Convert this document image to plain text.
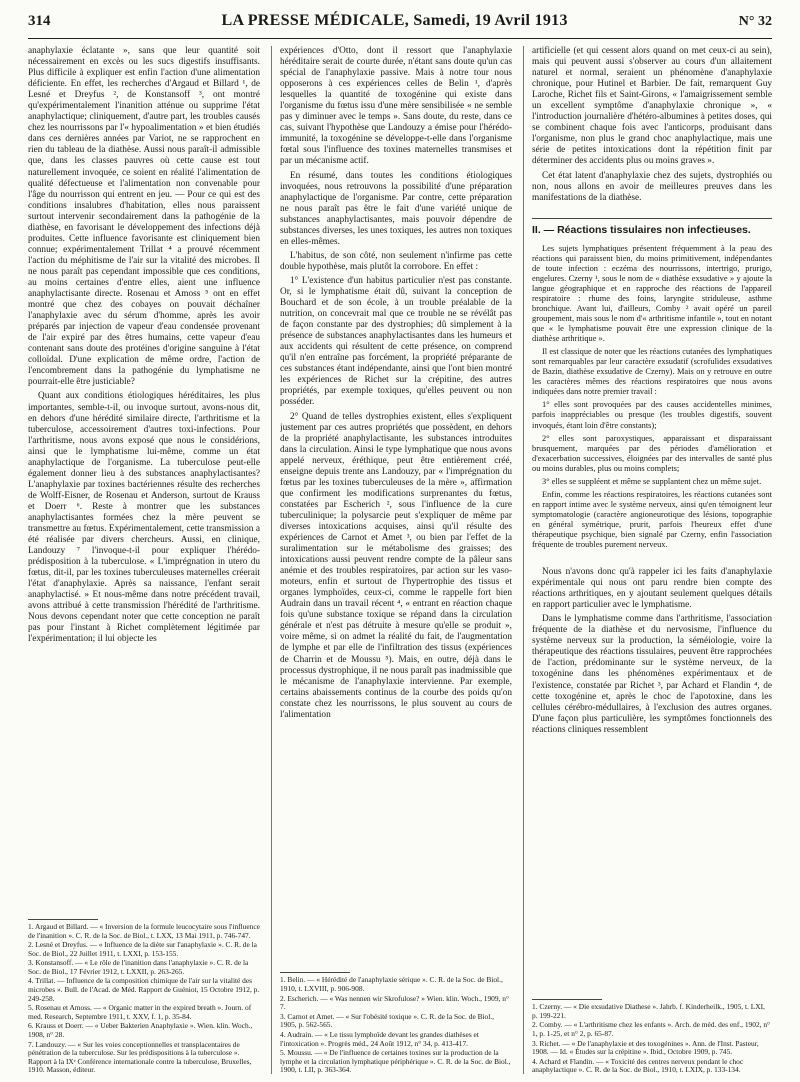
314	LA PRESSE MÉDICALE, Samedi, 19 Avril 1913	N° 32

anaphylaxie éclatante », sans que leur quantité soit nécessairement en excès ou les sucs digestifs insuffisants. Plus difficile à expliquer est enfin l'action d'une alimentation déficiente. En effet, les recherches d'Argaud et Billard ¹, de Lesné et Dreyfus ², de Konstansoff ³, ont montré qu'expérimentalement l'inanition atténue ou supprime l'état anaphylactique; cliniquement, d'autre part, les troubles causés chez les nourrissons par l'« hypoalimentation » et bien étudiés dans ces dernières années par Variot, ne se rapprochent en rien du tableau de la diathèse. Aussi nous paraît-il admissible que, dans les classes pauvres où cette cause est tout naturellement invoquée, ce soient en réalité l'alimentation de qualité défectueuse et l'alimentation non convenable pour l'âge du nourrisson qui entrent en jeu. — Pour ce qui est des conditions insalubres d'habitation, elles nous paraissent surtout intervenir secondairement dans la pathogénie de la diathèse, en favorisant le développement des infections déjà produites. Cette influence favorisante est cliniquement bien connue; expérimentalement Trillat ⁴ a prouvé récemment l'action du méphitisme de l'air sur la vitalité des microbes. Il ne nous paraît pas cependant impossible que ces conditions, au moins certaines d'entre elles, aient une influence anaphylactisante directe. Rosenau et Amoss ⁵ ont en effet montré que chez des cobayes on pouvait déchaîner l'anaphylaxie avec du sérum d'homme, après les avoir préparés par injection de vapeur d'eau condensée provenant de l'air expiré par des êtres humains, cette vapeur d'eau contenant sans doute des protéines d'origine sanguine à l'état colloïdal. D'une explication de même ordre, l'action de l'encombrement dans la pathogénie du lymphatisme ne pourrait-elle être justiciable?

Quant aux conditions étiologiques héréditaires, les plus importantes, semble-t-il, ou invoque surtout, avons-nous dit, en dehors d'une hérédité similaire directe, l'arthritisme et la tuberculose, accessoirement d'autres toxi-infections. Pour l'arthritisme, nous avons exposé que nous le considérions, ainsi que le lymphatisme lui-même, comme un état anaphylactique de l'organisme. La tuberculose peut-elle également donner lieu à des substances anaphylactisantes? L'anaphylaxie par toxines bactériennes résulte des recherches de Wolff-Eisner, de Rosenau et Anderson, surtout de Krauss et Doerr ⁶. Reste à montrer que les substances anaphylactisantes formées chez la mère peuvent se transmettre au fœtus. Expérimentalement, cette transmission a été réalisée par divers chercheurs. Aussi, en clinique, Landouzy ⁷ l'invoque-t-il pour expliquer l'hérédo-prédisposition à la tuberculose. « L'imprégnation in utero du fœtus, dit-il, par les toxines tuberculeuses maternelles créerait l'état d'anaphylaxie. Après sa naissance, l'enfant serait anaphylactisé. » Et nous-même dans notre précédent travail, avons attribué à cette transmission l'hérédité de l'arthritisme. Nous devons cependant noter que cette conception ne paraît pas pour l'instant à Richet complètement légitimée par l'expérimentation; il lui objecte les

1. Argaud et Billard. — « Inversion de la formule leucocytaire sous l'influence de l'inanition ». C. R. de la Soc. de Biol., t. LXX, 13 Mai 1911, p. 746-747.

2. Lesné et Dreyfus. — « Influence de la diète sur l'anaphylaxie ». C. R. de la Soc. de Biol., 22 Juillet 1911, t. LXXI, p. 153-155.

3. Konstansoff. — « Le rôle de l'inanition dans l'anaphylaxie ». C. R. de la Soc. de Biol., 17 Février 1912, t. LXXII, p. 263-265.

4. Trillat. — Influence de la composition chimique de l'air sur la vitalité des microbes ». Bull. de l'Acad. de Méd. Rapport de Guéniot, 15 Octobre 1912, p. 249-258.

5. Rosenau et Amoss. — « Organic matter in the expired breath ». Journ. of med. Research, Septembre 1911, t. XXV, f. 1, p. 35-84.

6. Krauss et Doerr. — « Ueber Bakterien Anaphylaxie ». Wien. klin. Woch., 1908, n° 28.

7. Landouzy. — « Sur les voies conceptionnelles et transplacentaires de pénétration de la tuberculose. Sur les prédispositions à la tuberculose ». Rapport à la IXᵉ Conférence internationale contre la tuberculose, Bruxelles, 1910. Masson, éditeur.

expériences d'Otto, dont il ressort que l'anaphylaxie héréditaire serait de courte durée, n'étant sans doute qu'un cas spécial de l'anaphylaxie passive. Mais à notre tour nous opposerons à ces expériences celles de Belin ¹, d'après lesquelles la quantité de toxogénine qui existe dans l'organisme du fœtus issu d'une mère sensibilisée « ne semble pas y diminuer avec le temps ». Sans doute, du reste, dans ce cas, suivant l'hypothèse que Landouzy a émise pour l'hérédo-immunité, la toxogénine se développe-t-elle dans l'organisme fœtal sous l'influence des toxines maternelles transmises et par un mécanisme actif.

En résumé, dans toutes les conditions étiologiques invoquées, nous retrouvons la possibilité d'une préparation anaphylactique de l'organisme. Par contre, cette préparation ne nous paraît pas être le fait d'une variété unique de substances anaphylactisantes, mais pouvoir dépendre de substances diverses, les unes toxiques, les autres non toxiques en elles-mêmes.

L'habitus, de son côté, non seulement n'infirme pas cette double hypothèse, mais plutôt la corrobore. En effet :

1° L'existence d'un habitus particulier n'est pas constante. Or, si le lymphatisme était dû, suivant la conception de Bouchard et de son école, à un trouble préalable de la nutrition, on concevrait mal que ce trouble ne se révélât pas de façon constante par des dystrophies; dû simplement à la présence de substances anaphylactisantes dans les humeurs et aux accidents qui résultent de cette présence, on comprend qu'il n'en entraîne pas forcément, la propriété préparante de ces substances étant indépendante, ainsi que l'ont bien montré les expériences de Richet sur la crépitine, des autres propriétés, par exemple toxiques, qu'elles peuvent ou non posséder.

2° Quand de telles dystrophies existent, elles s'expliquent justement par ces autres propriétés que possèdent, en dehors de la propriété anaphylactisante, les substances introduites dans la circulation. Ainsi le type lymphatique que nous avons appelé nerveux, éréthique, peut être entièrement créé, enseigne depuis trente ans Landouzy, par « l'imprégnation du fœtus par les toxines tuberculeuses de la mère », affirmation que confirment les modifications surprenantes du fœtus, constatées par Escherich ², sous l'influence de la cure tuberculinique; la polysarcie peut s'expliquer de même par diverses intoxications acquises, ainsi qu'il résulte des expériences de Carnot et Amet ³, ou bien par l'effet de la suralimentation sur le métabolisme des graisses; des intoxications aussi peuvent rendre compte de la pâleur sans anémie et des troubles respiratoires, par action sur les vaso-moteurs, enfin et surtout de l'hypertrophie des tissus et organes lymphoïdes, ceux-ci, comme le rappelle fort bien Audrain dans un travail récent ⁴, « entrant en réaction chaque fois qu'une substance toxique se répand dans la circulation générale et n'est pas détruite à mesure qu'elle se produit », voire même, si on admet la réalité du fait, de l'augmentation de lymphe et par elle de l'infiltration des tissus (expériences de Charrin et de Moussu ⁵). Mais, en outre, déjà dans le processus dystrophique, il ne nous paraît pas inadmissible que le mécanisme de l'anaphylaxie intervienne. Par exemple, certains abaissements continus de la courbe des poids qu'on constate chez les nourrissons, le plus souvent au cours de l'alimentation

1. Belin. — « Hérédité de l'anaphylaxie sérique ». C. R. de la Soc. de Biol., 1910, t. LXVIII, p. 906-908.

2. Escherich. — « Was nennen wir Skrofulose? » Wien. klin. Woch., 1909, n° 7.

3. Carnot et Amet. — « Sur l'obésité toxique ». C. R. de la Soc. de Biol., 1905, p. 562-565.

4. Audrain. — « Le tissu lymphoïde devant les grandes diathèses et l'intoxication ». Progrès méd., 24 Août 1912, n° 34, p. 413-417.

5. Moussu. — « De l'influence de certaines toxines sur la production de la lymphe et la circulation lymphatique périphérique ». C. R. de la Soc. de Biol., 1900, t. LII, p. 363-364.

artificielle (et qui cessent alors quand on met ceux-ci au sein), mais qui peuvent aussi s'observer au cours d'un allaitement naturel et normal, seraient un phénomène d'anaphylaxie chronique, pour Hutinel et Barbier. De fait, remarquent Guy Laroche, Richet fils et Saint-Girons, « l'amaigrissement semble un excellent symptôme d'anaphylaxie chronique », « l'introduction journalière d'hétéro-albumines à petites doses, qui se combinent chaque fois avec l'anticorps, produisant dans l'organisme, non plus le grand choc anaphylactique, mais une série de petites intoxications dont la répétition finit par déterminer des accidents plus ou moins graves ».

Cet état latent d'anaphylaxie chez des sujets, dystrophiés ou non, nous allons en avoir de meilleures preuves dans les manifestations de la diathèse.

II. — Réactions tissulaires non infectieuses.

Les sujets lymphatiques présentent fréquemment à la peau des réactions qui paraissent bien, du moins primitivement, indépendantes de toute infection : eczéma des nourrissons, intertrigo, prurigo, engelures. Czerny ¹, sous le nom de « diathèse exsudative » y ajoute la langue géographique et en rapproche des réactions de l'appareil respiratoire : rhume des foins, laryngite striduleuse, asthme bronchique. Avant lui, d'ailleurs, Comby ² avait opéré un pareil groupement, mais sous le nom d'« arthritisme infantile », tout en notant que « le lymphatisme pouvait être une expression clinique de la diathèse arthritique ».

Il est classique de noter que les réactions cutanées des lymphatiques sont remarquables par leur caractère exsudatif (scrofulides exsudatives de Bazin, diathèse exsudative de Czerny). Mais on y retrouve en outre les caractères mêmes des réactions respiratoires que nous avons indiquées dans notre premier travail :

1° elles sont provoquées par des causes accidentelles minimes, parfois inappréciables ou presque (les troubles digestifs, souvent invoqués, étant loin d'être constants);

2° elles sont paroxystiques, apparaissant et disparaissant brusquement, marquées par des périodes d'amélioration et d'exacerbation successives, éloignées par des intervalles de santé plus ou moins durables, plus ou moins complets;

3° elles se suppléent et même se supplantent chez un même sujet.

Enfin, comme les réactions respiratoires, les réactions cutanées sont en rapport intime avec le système nerveux, ainsi qu'en témoignent leur symptomatologie (caractère angioneurotique des lésions, topographie en général symétrique, prurit, parfois l'heureux effet d'une thérapeutique psychique, bien signalé par Czerny, enfin l'association fréquente de troubles purement nerveux.

Nous n'avons donc qu'à rappeler ici les faits d'anaphylaxie expérimentale qui nous ont paru rendre bien compte des réactions arthritiques, en y ajoutant seulement quelques détails en rapport particulier avec le lymphatisme.

Dans le lymphatisme comme dans l'arthritisme, l'association fréquente de la diathèse et du nervosisme, l'influence du système nerveux sur la production, la séméiologie, voire la thérapeutique des réactions tissulaires, peuvent être rapprochées de l'action, prédominante sur le système nerveux, de la toxogénine dans les phénomènes expérimentaux et de l'existence, constatée par Richet ³, par Achard et Flandin ⁴, de cette toxogénine et, après le choc de l'apotoxine, dans les cellules cérébro-médullaires, à l'exclusion des autres organes. D'une façon plus particulière, les symptômes fonctionnels des réactions cliniques ressemblent

1. Czerny. — « Die exsudative Diathese ». Jahrb. f. Kinderheilk., 1905, t. LXI, p. 199-221.

2. Comby. — « L'arthritisme chez les enfants ». Arch. de méd. des enf., 1902, n° 1, p. 1-25, et n° 2, p. 65-87.

3. Richet. — « De l'anaphylaxie et des toxogénines ». Ann. de l'Inst. Pasteur, 1908. — Id. « Études sur la crépitine ». Ibid., Octobre 1909, p. 745.

4. Achard et Flandin. — « Toxicité des centres nerveux pendant le choc anaphylactique ». C. R. de la Soc. de Biol., 1910, t. LXIX, p. 133-134.
